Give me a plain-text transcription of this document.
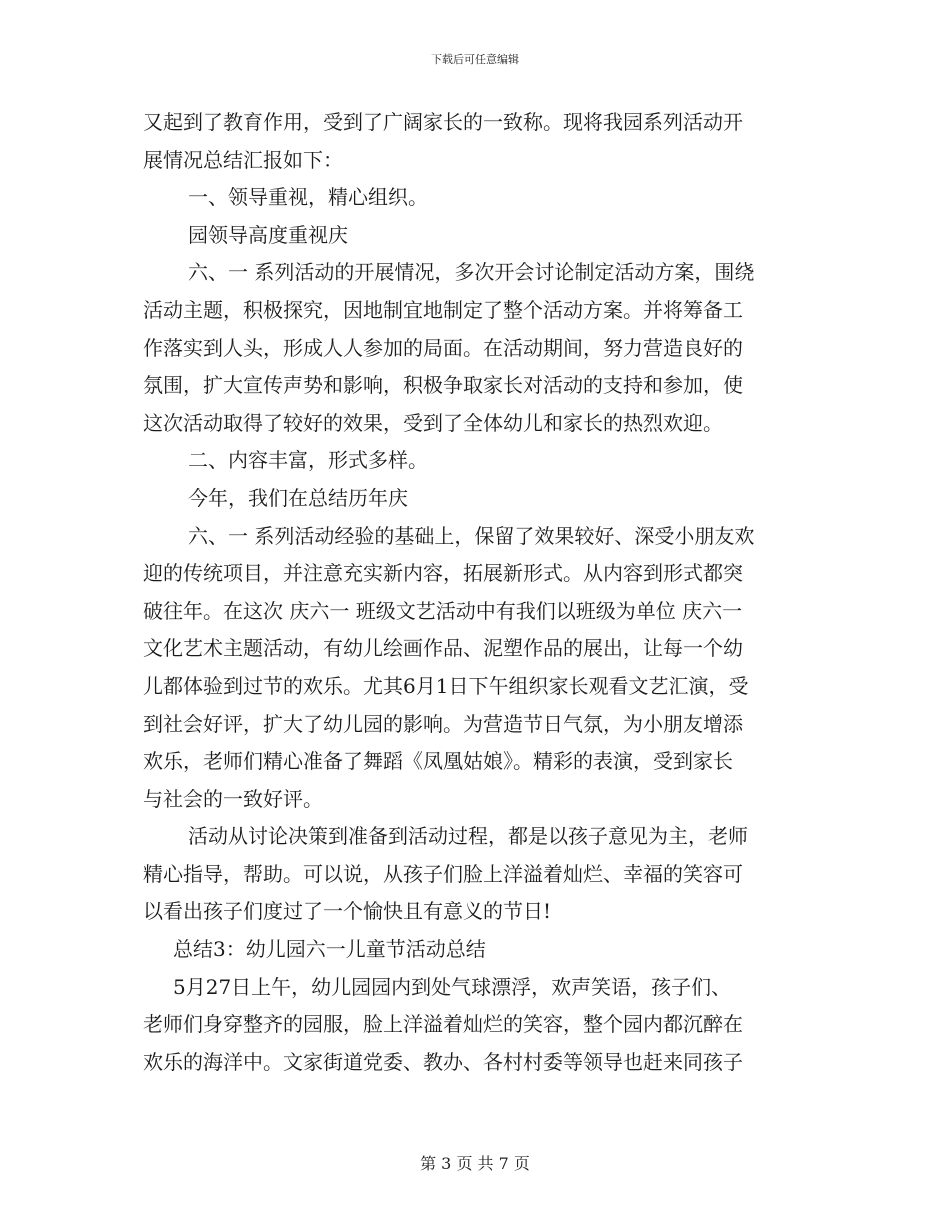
下载后可任意编辑
又起到了教育作用，受到了广阔家长的一致称。现将我园系列活动开
展情况总结汇报如下：
一、领导重视，精心组织。
园领导高度重视庆
六、一 系列活动的开展情况，多次开会讨论制定活动方案，围绕
活动主题，积极探究，因地制宜地制定了整个活动方案。并将筹备工
作落实到人头，形成人人参加的局面。在活动期间，努力营造良好的
氛围，扩大宣传声势和影响，积极争取家长对活动的支持和参加，使
这次活动取得了较好的效果，受到了全体幼儿和家长的热烈欢迎。
二、内容丰富，形式多样。
今年，我们在总结历年庆
六、一 系列活动经验的基础上，保留了效果较好、深受小朋友欢
迎的传统项目，并注意充实新内容，拓展新形式。从内容到形式都突
破往年。在这次 庆六一 班级文艺活动中有我们以班级为单位 庆六一
文化艺术主题活动，有幼儿绘画作品、泥塑作品的展出，让每一个幼
儿都体验到过节的欢乐。尤其6月1日下午组织家长观看文艺汇演，受
到社会好评，扩大了幼儿园的影响。为营造节日气氛，为小朋友增添
欢乐，老师们精心准备了舞蹈《凤凰姑娘》。精彩的表演，受到家长
与社会的一致好评。
活动从讨论决策到准备到活动过程，都是以孩子意见为主，老师
精心指导，帮助。可以说，从孩子们脸上洋溢着灿烂、幸福的笑容可
以看出孩子们度过了一个愉快且有意义的节日!
总结3：幼儿园六一儿童节活动总结
5月27日上午，幼儿园园内到处气球漂浮，欢声笑语，孩子们、
老师们身穿整齐的园服，脸上洋溢着灿烂的笑容，整个园内都沉醉在
欢乐的海洋中。文家街道党委、教办、各村村委等领导也赶来同孩子
第 3 页 共 7 页
